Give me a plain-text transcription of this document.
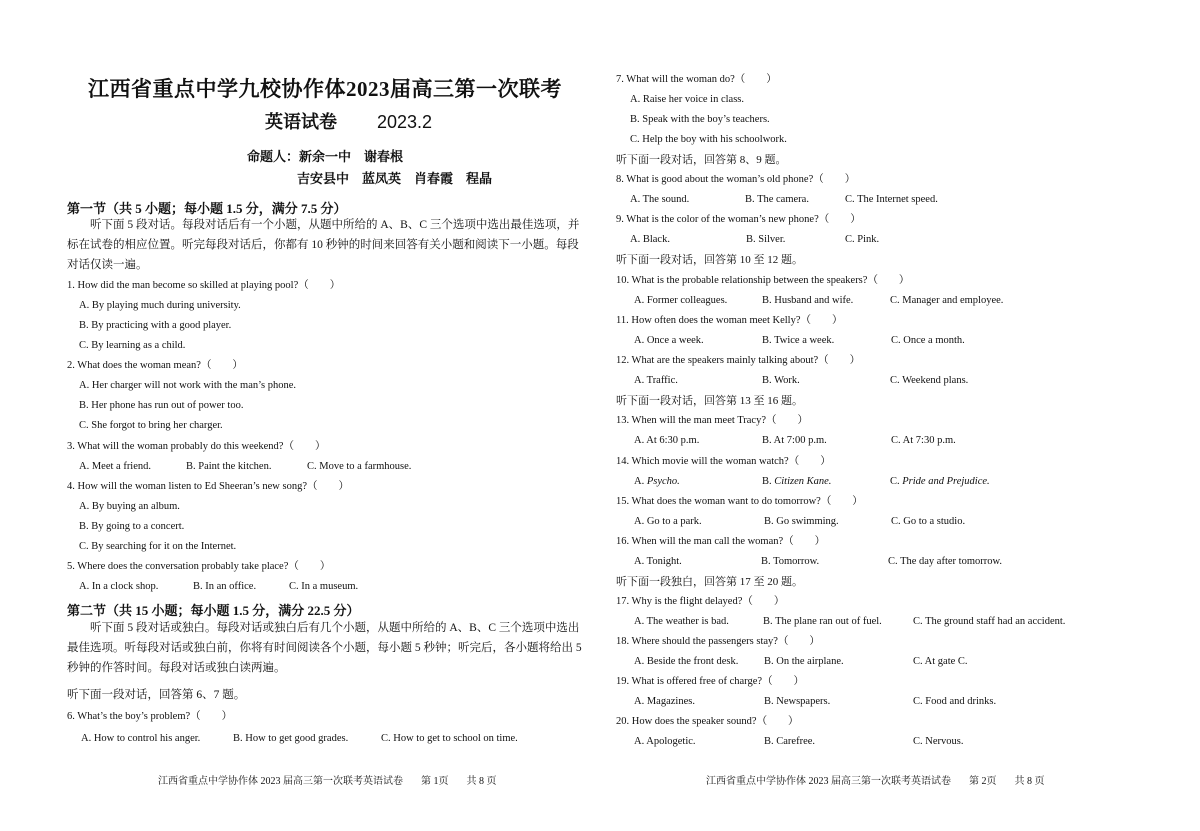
江西省重点中学九校协作体2023届高三第一次联考
英语试卷 2023.2
命题人：新余一中　谢春根
吉安县中　蓝凤英　肖春霞　程晶
第一节（共 5 小题；每小题 1.5 分，满分 7.5 分）
听下面 5 段对话。每段对话后有一个小题，从题中所给的 A、B、C 三个选项中选出最佳选项，并标在试卷的相应位置。听完每段对话后，你都有 10 秒钟的时间来回答有关小题和阅读下一小题。每段对话仅读一遍。
1. How did the man become so skilled at playing pool?（　　）
A. By playing much during university.
B. By practicing with a good player.
C. By learning as a child.
2. What does the woman mean?（　　）
A. Her charger will not work with the man’s phone.
B. Her phone has run out of power too.
C. She forgot to bring her charger.
3. What will the woman probably do this weekend?（　　）
A. Meet a friend.	B. Paint the kitchen.	C. Move to a farmhouse.
4. How will the woman listen to Ed Sheeran’s new song?（　　）
A. By buying an album.
B. By going to a concert.
C. By searching for it on the Internet.
5. Where does the conversation probably take place?（　　）
A. In a clock shop.	B. In an office.	C. In a museum.
第二节（共 15 小题；每小题 1.5 分，满分 22.5 分）
听下面 5 段对话或独白。每段对话或独白后有几个小题，从题中所给的 A、B、C 三个选项中选出最佳选项。听每段对话或独白前，你将有时间阅读各个小题，每小题 5 秒钟；听完后，各小题将给出 5 秒钟的作答时间。每段对话或独白读两遍。
听下面一段对话，回答第 6、7 题。
6. What’s the boy’s problem?（　　）
A. How to control his anger.	B. How to get good grades.	C. How to get to school on time.
江西省重点中学协作体 2023 届高三第一次联考英语试卷 第 1页 共 8 页
7. What will the woman do?（　　）
A. Raise her voice in class.
B. Speak with the boy’s teachers.
C. Help the boy with his schoolwork.
听下面一段对话，回答第 8、9 题。
8. What is good about the woman’s old phone?（　　）
A. The sound.	B. The camera.	C. The Internet speed.
9. What is the color of the woman’s new phone?（　　）
A. Black.	B. Silver.	C. Pink.
听下面一段对话，回答第 10 至 12 题。
10. What is the probable relationship between the speakers?（　　）
A. Former colleagues.	B. Husband and wife.	C. Manager and employee.
11. How often does the woman meet Kelly?（　　）
A. Once a week.	B. Twice a week.	C. Once a month.
12. What are the speakers mainly talking about?（　　）
A. Traffic.	B. Work.	C. Weekend plans.
听下面一段对话，回答第 13 至 16 题。
13. When will the man meet Tracy?（　　）
A. At 6:30 p.m.	B. At 7:00 p.m.	C. At 7:30 p.m.
14. Which movie will the woman watch?（　　）
A. Psycho.	B. Citizen Kane.	C. Pride and Prejudice.
15. What does the woman want to do tomorrow?（　　）
A. Go to a park.	B. Go swimming.	C. Go to a studio.
16. When will the man call the woman?（　　）
A. Tonight.	B. Tomorrow.	C. The day after tomorrow.
听下面一段独白，回答第 17 至 20 题。
17. Why is the flight delayed?（　　）
A. The weather is bad.	B. The plane ran out of fuel.	C. The ground staff had an accident.
18. Where should the passengers stay?（　　）
A. Beside the front desk. B. On the airplane.	C. At gate C.
19. What is offered free of charge?（　　）
A. Magazines.	B. Newspapers.	C. Food and drinks.
20. How does the speaker sound?（　　）
A. Apologetic.	B. Carefree.	C. Nervous.
江西省重点中学协作体 2023 届高三第一次联考英语试卷 第 2页 共 8 页
